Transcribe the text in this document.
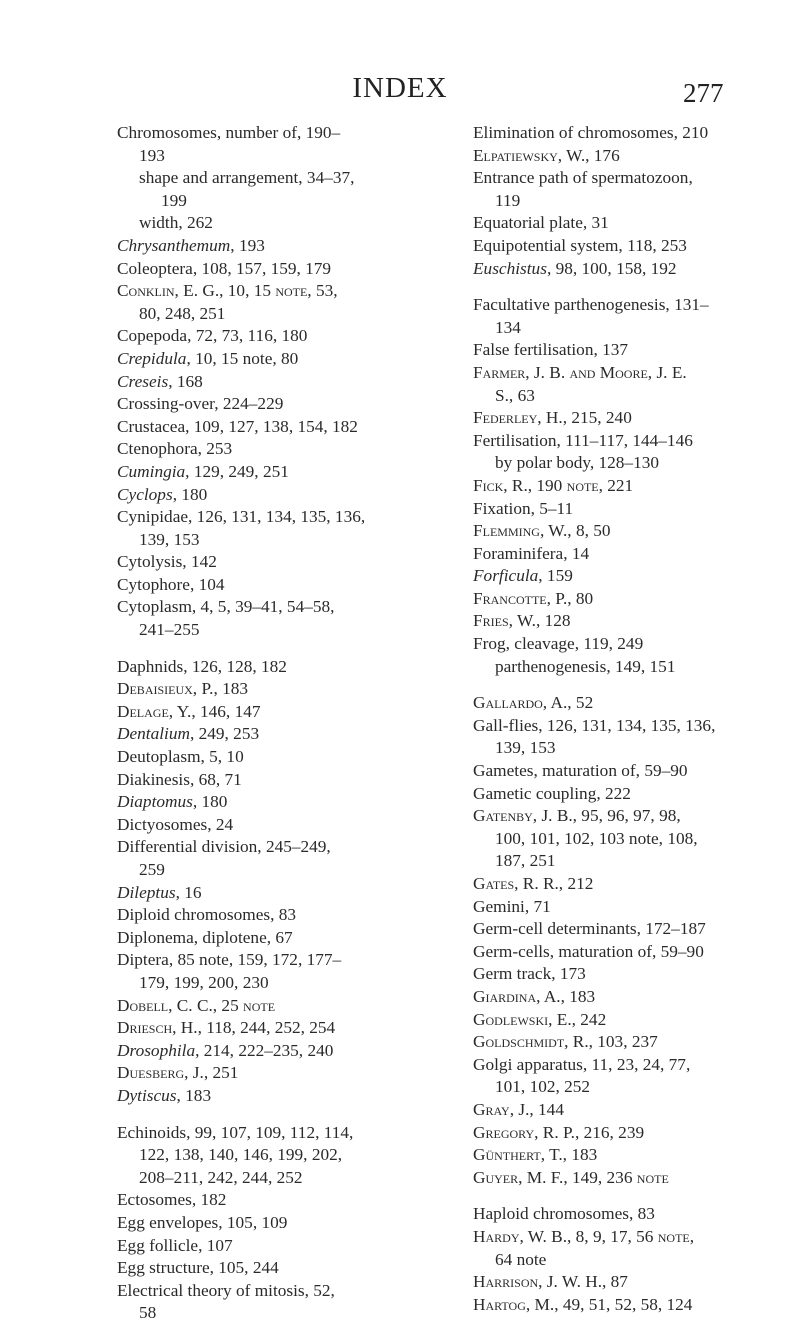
INDEX	277
Chromosomes, number of, 190–
193
shape and arrangement, 34–37,
199
width, 262
Chrysanthemum, 193
Coleoptera, 108, 157, 159, 179
Conklin, E. G., 10, 15 note, 53,
80, 248, 251
Copepoda, 72, 73, 116, 180
Crepidula, 10, 15 note, 80
Creseis, 168
Crossing-over, 224–229
Crustacea, 109, 127, 138, 154, 182
Ctenophora, 253
Cumingia, 129, 249, 251
Cyclops, 180
Cynipidae, 126, 131, 134, 135, 136,
139, 153
Cytolysis, 142
Cytophore, 104
Cytoplasm, 4, 5, 39–41, 54–58,
241–255
Daphnids, 126, 128, 182
Debaisieux, P., 183
Delage, Y., 146, 147
Dentalium, 249, 253
Deutoplasm, 5, 10
Diakinesis, 68, 71
Diaptomus, 180
Dictyosomes, 24
Differential division, 245–249,
259
Dileptus, 16
Diploid chromosomes, 83
Diplonema, diplotene, 67
Diptera, 85 note, 159, 172, 177–
179, 199, 200, 230
Dobell, C. C., 25 note
Driesch, H., 118, 244, 252, 254
Drosophila, 214, 222–235, 240
Duesberg, J., 251
Dytiscus, 183
Echinoids, 99, 107, 109, 112, 114,
122, 138, 140, 146, 199, 202,
208–211, 242, 244, 252
Ectosomes, 182
Egg envelopes, 105, 109
Egg follicle, 107
Egg structure, 105, 244
Electrical theory of mitosis, 52,
58
Elimination of chromosomes, 210
Elpatiewsky, W., 176
Entrance path of spermatozoon,
119
Equatorial plate, 31
Equipotential system, 118, 253
Euschistus, 98, 100, 158, 192
Facultative parthenogenesis, 131–
134
False fertilisation, 137
Farmer, J. B. and Moore, J. E.
S., 63
Federley, H., 215, 240
Fertilisation, 111–117, 144–146
by polar body, 128–130
Fick, R., 190 note, 221
Fixation, 5–11
Flemming, W., 8, 50
Foraminifera, 14
Forficula, 159
Francotte, P., 80
Fries, W., 128
Frog, cleavage, 119, 249
parthenogenesis, 149, 151
Gallardo, A., 52
Gall-flies, 126, 131, 134, 135, 136,
139, 153
Gametes, maturation of, 59–90
Gametic coupling, 222
Gatenby, J. B., 95, 96, 97, 98,
100, 101, 102, 103 note, 108,
187, 251
Gates, R. R., 212
Gemini, 71
Germ-cell determinants, 172–187
Germ-cells, maturation of, 59–90
Germ track, 173
Giardina, A., 183
Godlewski, E., 242
Goldschmidt, R., 103, 237
Golgi apparatus, 11, 23, 24, 77,
101, 102, 252
Gray, J., 144
Gregory, R. P., 216, 239
Günthert, T., 183
Guyer, M. F., 149, 236 note
Haploid chromosomes, 83
Hardy, W. B., 8, 9, 17, 56 note,
64 note
Harrison, J. W. H., 87
Hartog, M., 49, 51, 52, 58, 124
